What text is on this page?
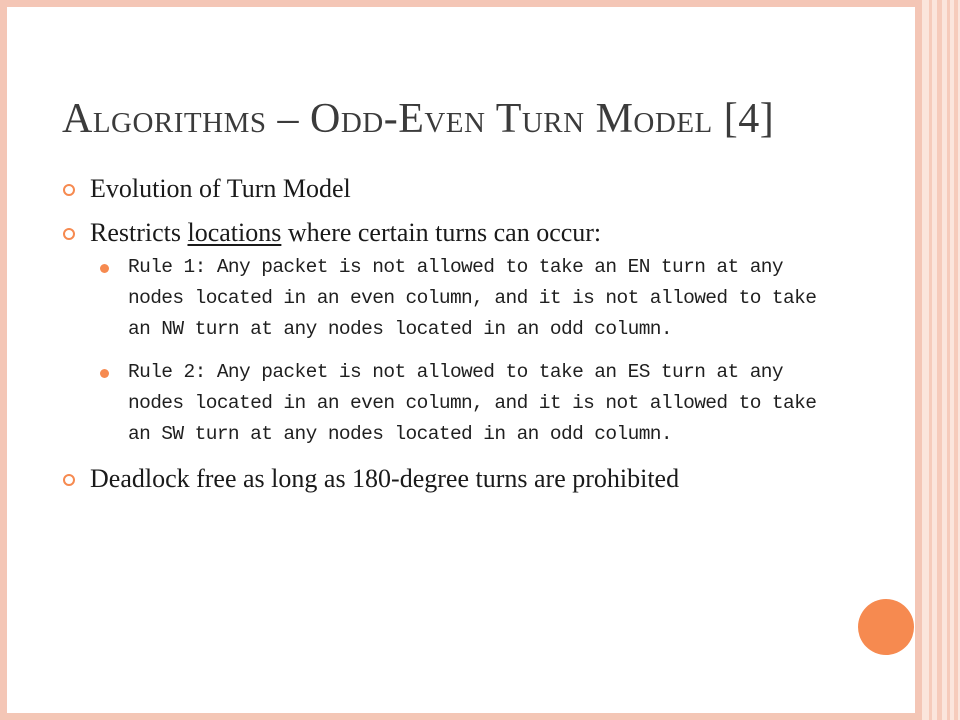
Algorithms – Odd-Even Turn Model [4]
Evolution of Turn Model
Restricts locations where certain turns can occur:
Rule 1: Any packet is not allowed to take an EN turn at any nodes located in an even column, and it is not allowed to take an NW turn at any nodes located in an odd column.
Rule 2: Any packet is not allowed to take an ES turn at any nodes located in an even column, and it is not allowed to take an SW turn at any nodes located in an odd column.
Deadlock free as long as 180-degree turns are prohibited
